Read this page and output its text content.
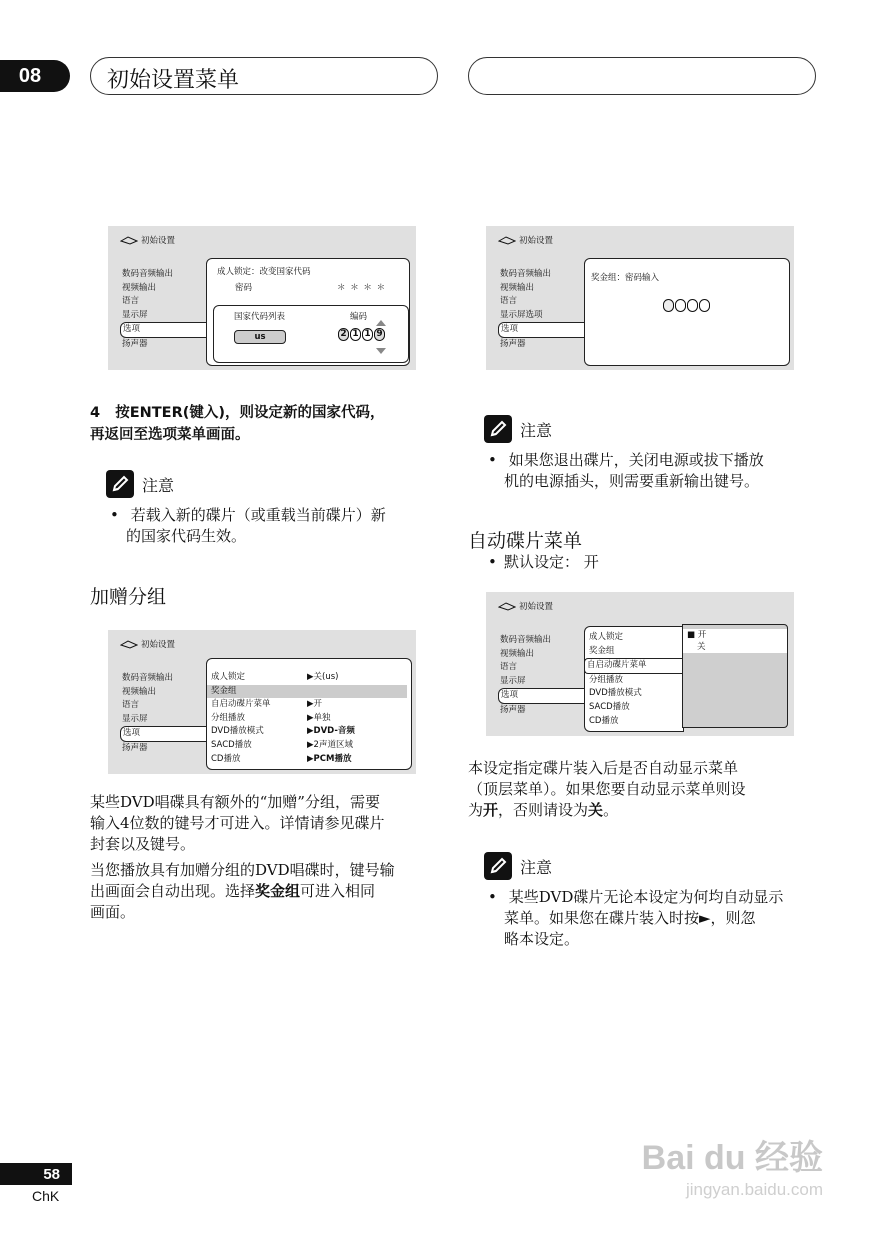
08	初始设置菜单
初始设置
数码音频输出
视频输出
语言
显示屏
选项
扬声器
成人锁定：改变国家代码
密码	＊ ＊ ＊ ＊
国家代码列表	编码
us	2 1 1 9
4 按ENTER(键入)，则设定新的国家代码，
再返回至选项菜单画面。
注意
• 若载入新的碟片（或重载当前碟片）新
的国家代码生效。
加赠分组
初始设置
数码音频输出
视频输出
语言
显示屏
选项
扬声器
成人锁定	▶ 关(us)
奖金组
自启动碟片菜单	▶ 开
分组播放	▶ 单独
DVD播放模式	▶ DVD-音频
SACD播放	▶ 2声道区域
CD播放	▶ PCM播放
某些DVD唱碟具有额外的“加赠”分组，需要
输入4位数的键号才可进入。详情请参见碟片
封套以及键号。
当您播放具有加赠分组的DVD唱碟时，键号输
出画面会自动出现。选择奖金组可进入相同
画面。
初始设置
数码音频输出
视频输出
语言
显示屏选项
选项
扬声器
奖金组：密码输入
注意
• 如果您退出碟片，关闭电源或拔下播放
机的电源插头，则需要重新输出键号。
自动碟片菜单
• 默认设定： 开
初始设置
数码音频输出
视频输出
语言
显示屏
选项
扬声器
成人锁定
奖金组
自启动碟片菜单
分组播放
DVD播放模式
SACD播放
CD播放
■ 开
关
本设定指定碟片装入后是否自动显示菜单
（顶层菜单）。如果您要自动显示菜单则设
为开，否则请设为关。
注意
• 某些DVD碟片无论本设定为何均自动显示
菜单。如果您在碟片装入时按►，则忽
略本设定。
58
ChK
Bai du 经验
jingyan.baidu.com
